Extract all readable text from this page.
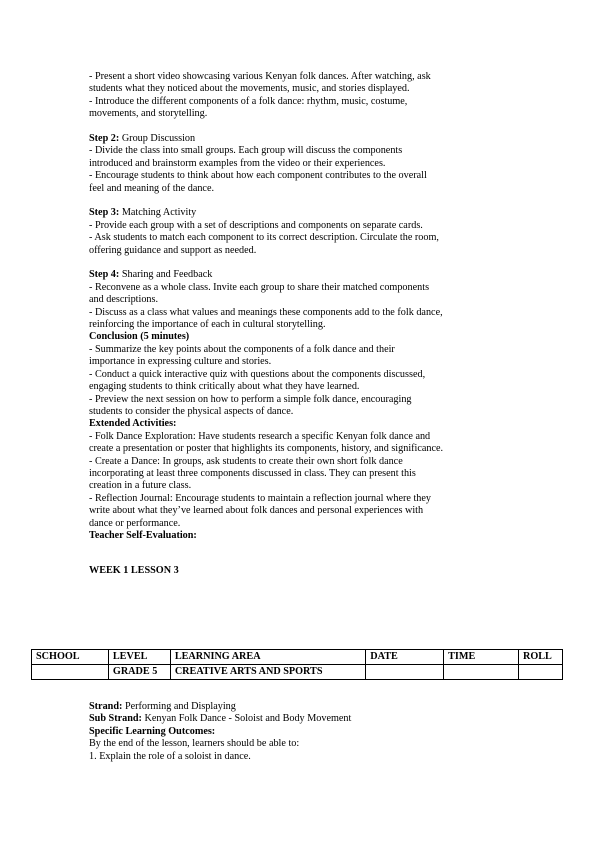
- Present a short video showcasing various Kenyan folk dances. After watching, ask
students what they noticed about the movements, music, and stories displayed.
- Introduce the different components of a folk dance: rhythm, music, costume,
movements, and storytelling.
Step 2: Group Discussion
- Divide the class into small groups. Each group will discuss the components
introduced and brainstorm examples from the video or their experiences.
- Encourage students to think about how each component contributes to the overall
feel and meaning of the dance.
Step 3: Matching Activity
- Provide each group with a set of descriptions and components on separate cards.
- Ask students to match each component to its correct description. Circulate the room,
offering guidance and support as needed.
Step 4: Sharing and Feedback
- Reconvene as a whole class. Invite each group to share their matched components
and descriptions.
- Discuss as a class what values and meanings these components add to the folk dance,
reinforcing the importance of each in cultural storytelling.
Conclusion (5 minutes)
- Summarize the key points about the components of a folk dance and their
importance in expressing culture and stories.
- Conduct a quick interactive quiz with questions about the components discussed,
engaging students to think critically about what they have learned.
- Preview the next session on how to perform a simple folk dance, encouraging
students to consider the physical aspects of dance.
Extended Activities:
- Folk Dance Exploration: Have students research a specific Kenyan folk dance and
create a presentation or poster that highlights its components, history, and significance.
- Create a Dance: In groups, ask students to create their own short folk dance
incorporating at least three components discussed in class. They can present this
creation in a future class.
- Reflection Journal: Encourage students to maintain a reflection journal where they
write about what they’ve learned about folk dances and personal experiences with
dance or performance.
Teacher Self-Evaluation:
WEEK 1 LESSON 3
SCHOOL	LEVEL	LEARNING AREA	DATE	TIME	ROLL
	GRADE 5	CREATIVE ARTS AND SPORTS			
Strand: Performing and Displaying
Sub Strand: Kenyan Folk Dance - Soloist and Body Movement
Specific Learning Outcomes:
By the end of the lesson, learners should be able to:
1. Explain the role of a soloist in dance.
